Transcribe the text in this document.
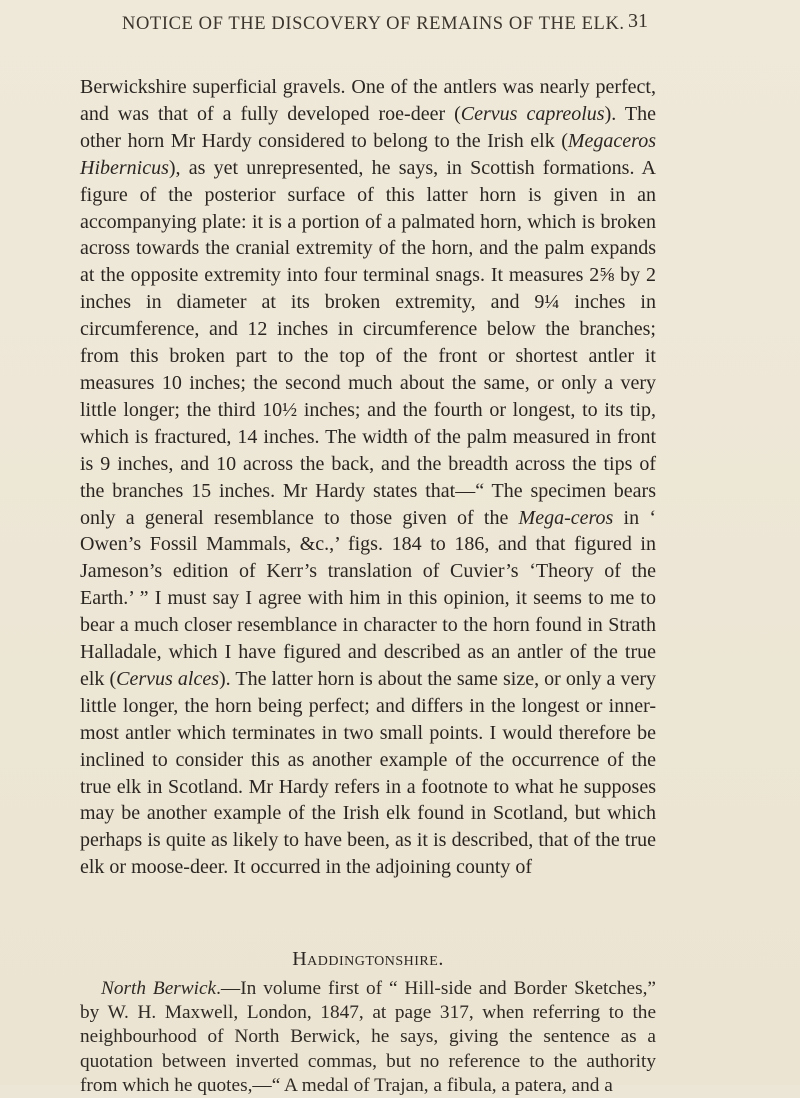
NOTICE OF THE DISCOVERY OF REMAINS OF THE ELK. 31

Berwickshire superficial gravels. One of the antlers was nearly perfect, and was that of a fully developed roe-deer (Cervus capreolus). The other horn Mr Hardy considered to belong to the Irish elk (Megaceros Hibernicus), as yet unrepresented, he says, in Scottish formations. A figure of the posterior surface of this latter horn is given in an accompanying plate: it is a portion of a palmated horn, which is broken across towards the cranial extremity of the horn, and the palm expands at the opposite extremity into four terminal snags. It measures 2⅝ by 2 inches in diameter at its broken extremity, and 9¼ inches in circumference, and 12 inches in circumference below the branches; from this broken part to the top of the front or shortest antler it measures 10 inches; the second much about the same, or only a very little longer; the third 10½ inches; and the fourth or longest, to its tip, which is fractured, 14 inches. The width of the palm measured in front is 9 inches, and 10 across the back, and the breadth across the tips of the branches 15 inches. Mr Hardy states that—“ The specimen bears only a general resemblance to those given of the Mega-ceros in ‘ Owen’s Fossil Mammals, &c.,’ figs. 184 to 186, and that figured in Jameson’s edition of Kerr’s translation of Cuvier’s ‘Theory of the Earth.’ ” I must say I agree with him in this opinion, it seems to me to bear a much closer resemblance in character to the horn found in Strath Halladale, which I have figured and described as an antler of the true elk (Cervus alces). The latter horn is about the same size, or only a very little longer, the horn being perfect; and differs in the longest or inner-most antler which terminates in two small points. I would therefore be inclined to consider this as another example of the occurrence of the true elk in Scotland. Mr Hardy refers in a footnote to what he supposes may be another example of the Irish elk found in Scotland, but which perhaps is quite as likely to have been, as it is described, that of the true elk or moose-deer. It occurred in the adjoining county of

Haddingtonshire.

North Berwick.—In volume first of “ Hill-side and Border Sketches,” by W. H. Maxwell, London, 1847, at page 317, when referring to the neighbourhood of North Berwick, he says, giving the sentence as a quotation between inverted commas, but no reference to the authority from which he quotes,—“ A medal of Trajan, a fibula, a patera, and a
